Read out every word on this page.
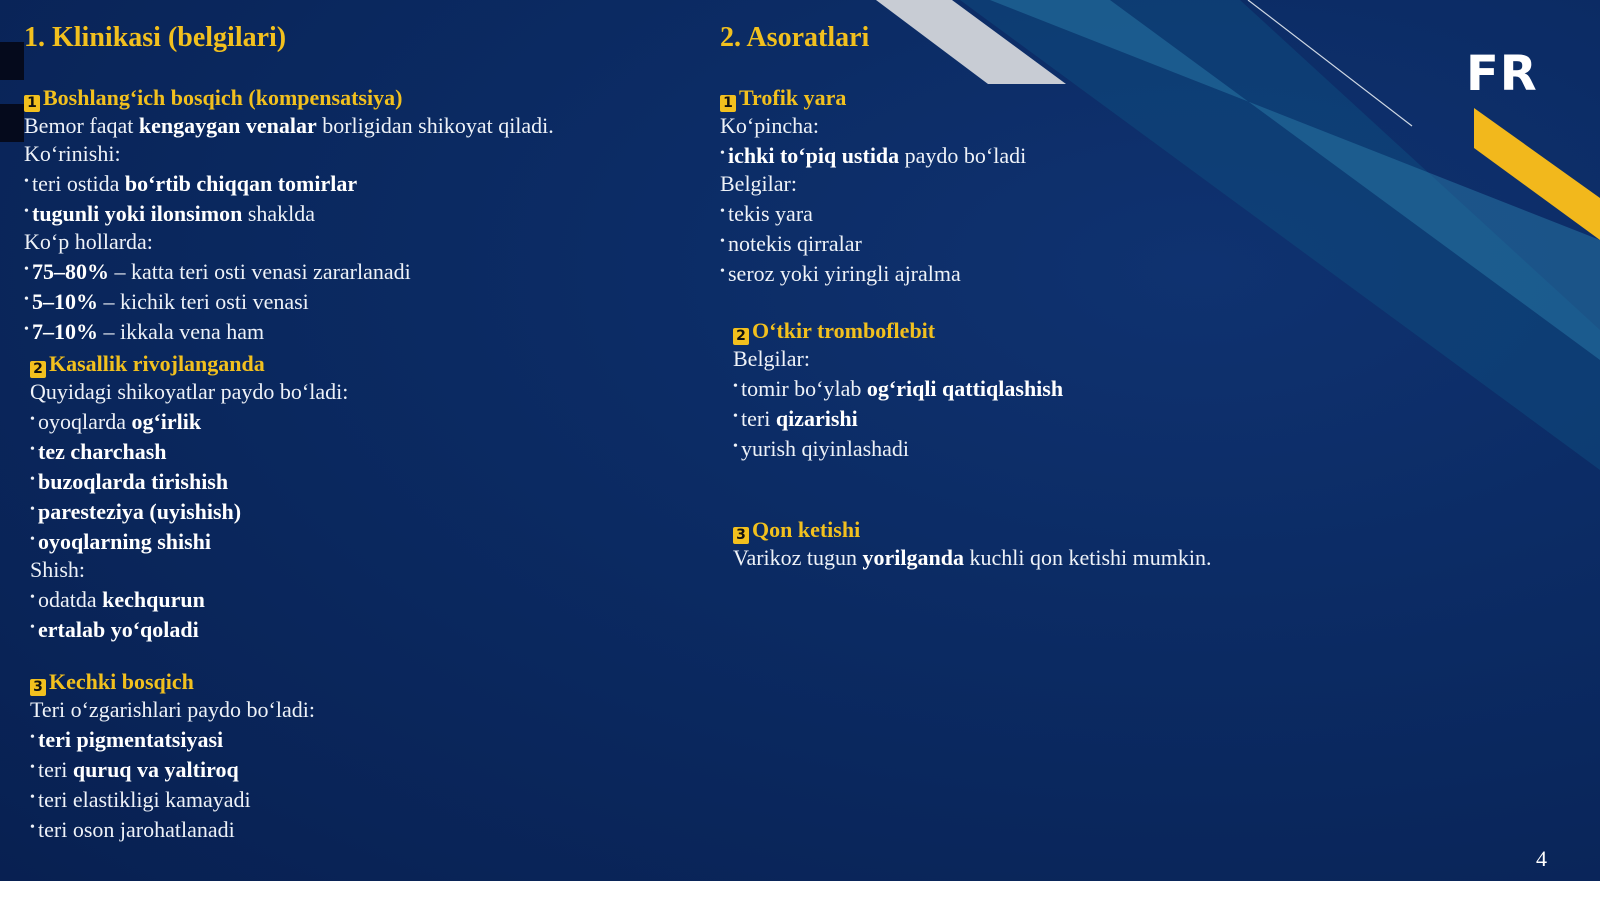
FR
1. Klinikasi (belgilari)
1 Boshlang‘ich bosqich (kompensatsiya)
Bemor faqat kengaygan venalar borligidan shikoyat qiladi.
Ko‘rinishi:
• teri ostida bo‘rtib chiqqan tomirlar
• tugunli yoki ilonsimon shaklda
Ko‘p hollarda:
• 75–80% – katta teri osti venasi zararlanadi
• 5–10% – kichik teri osti venasi
• 7–10% – ikkala vena ham
2 Kasallik rivojlanganda
Quyidagi shikoyatlar paydo bo‘ladi:
• oyoqlarda og‘irlik
• tez charchash
• buzoqlarda tirishish
• paresteziya (uyishish)
• oyoqlarning shishi
Shish:
• odatda kechqurun
• ertalab yo‘qoladi
3 Kechki bosqich
Teri o‘zgarishlari paydo bo‘ladi:
• teri pigmentatsiyasi
• teri quruq va yaltiroq
• teri elastikligi kamayadi
• teri oson jarohatlanadi
2. Asoratlari
1 Trofik yara
Ko‘pincha:
• ichki to‘piq ustida paydo bo‘ladi
Belgilar:
• tekis yara
• notekis qirralar
• seroz yoki yiringli ajralma
2 O‘tkir tromboflebit
Belgilar:
• tomir bo‘ylab og‘riqli qattiqlashish
• teri qizarishi
• yurish qiyinlashadi
3 Qon ketishi
Varikoz tugun yorilganda kuchli qon ketishi mumkin.
4
